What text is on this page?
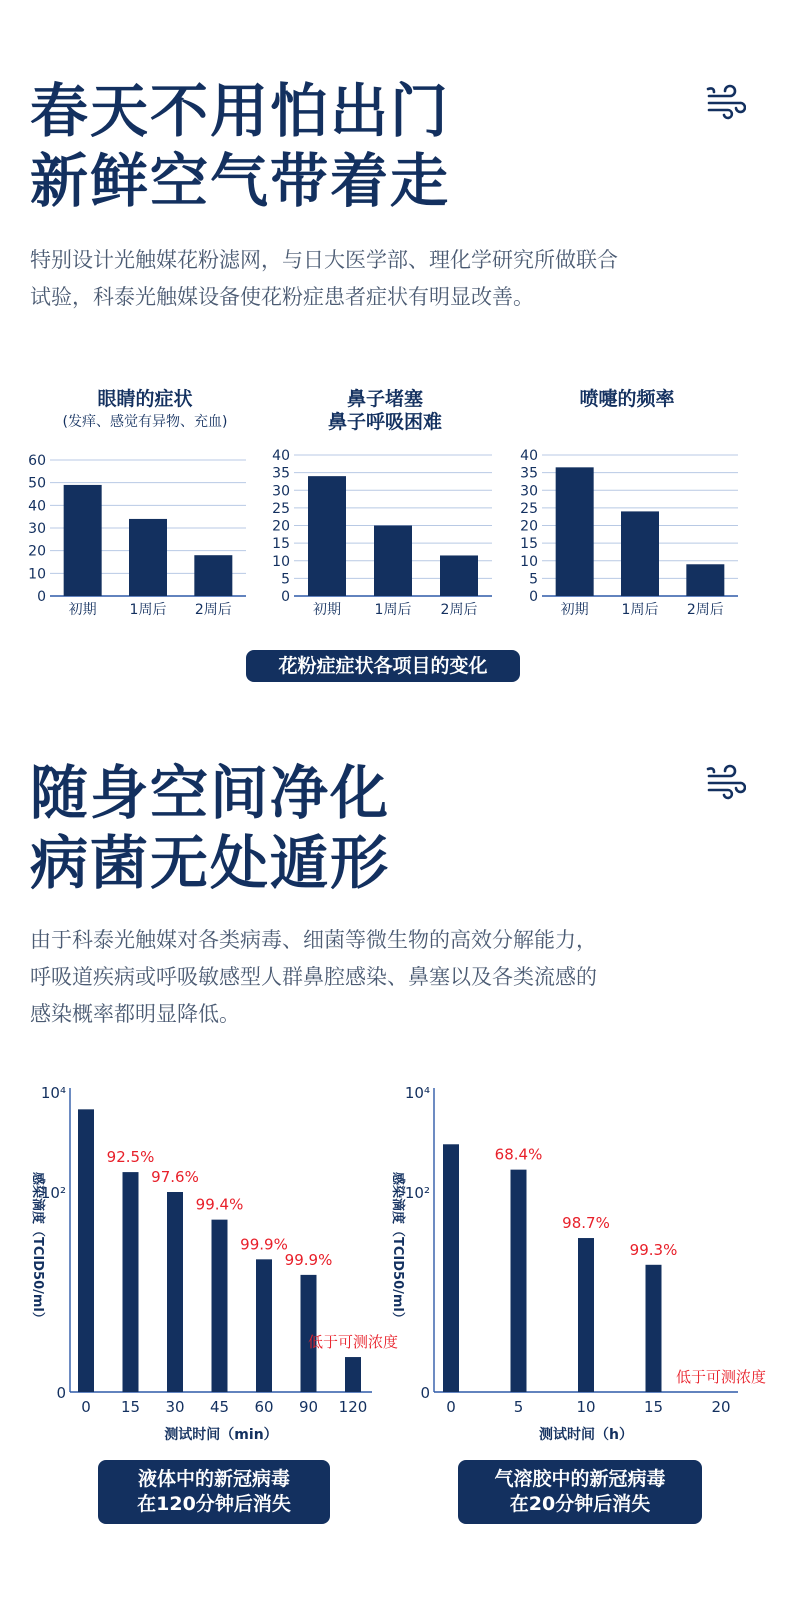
春天不用怕出门
新鲜空气带着走
特别设计光触媒花粉滤网，与日大医学部、理化学研究所做联合
试验，科泰光触媒设备使花粉症患者症状有明显改善。
眼睛的症状
(发痒、感觉有异物、充血)
鼻子堵塞
鼻子呼吸困难
喷嚏的频率
0
10
20
30
40
50
60
初期 1周后 2周后
0
5
10
15
20
25
30
35
40
初期 1周后 2周后
0
5
10
15
20
25
30
35
40
初期 1周后 2周后
花粉症症状各项目的变化
随身空间净化
病菌无处遁形
由于科泰光触媒对各类病毒、细菌等微生物的高效分解能力，
呼吸道疾病或呼吸敏感型人群鼻腔感染、鼻塞以及各类流感的
感染概率都明显降低。
0
10²
10⁴
感染滴度（TCID50/ml）
0 15
92.5%
30
97.6%
45
99.4%
60
99.9%
90
99.9%
120
低于可测浓度
测试时间（min）
0
10²
10⁴
感染滴度（TCID50/ml）
0	5
68.4%
10
98.7%
15
99.3%
20
低于可测浓度
测试时间（h）
液体中的新冠病毒
在120分钟后消失
气溶胶中的新冠病毒
在20分钟后消失
